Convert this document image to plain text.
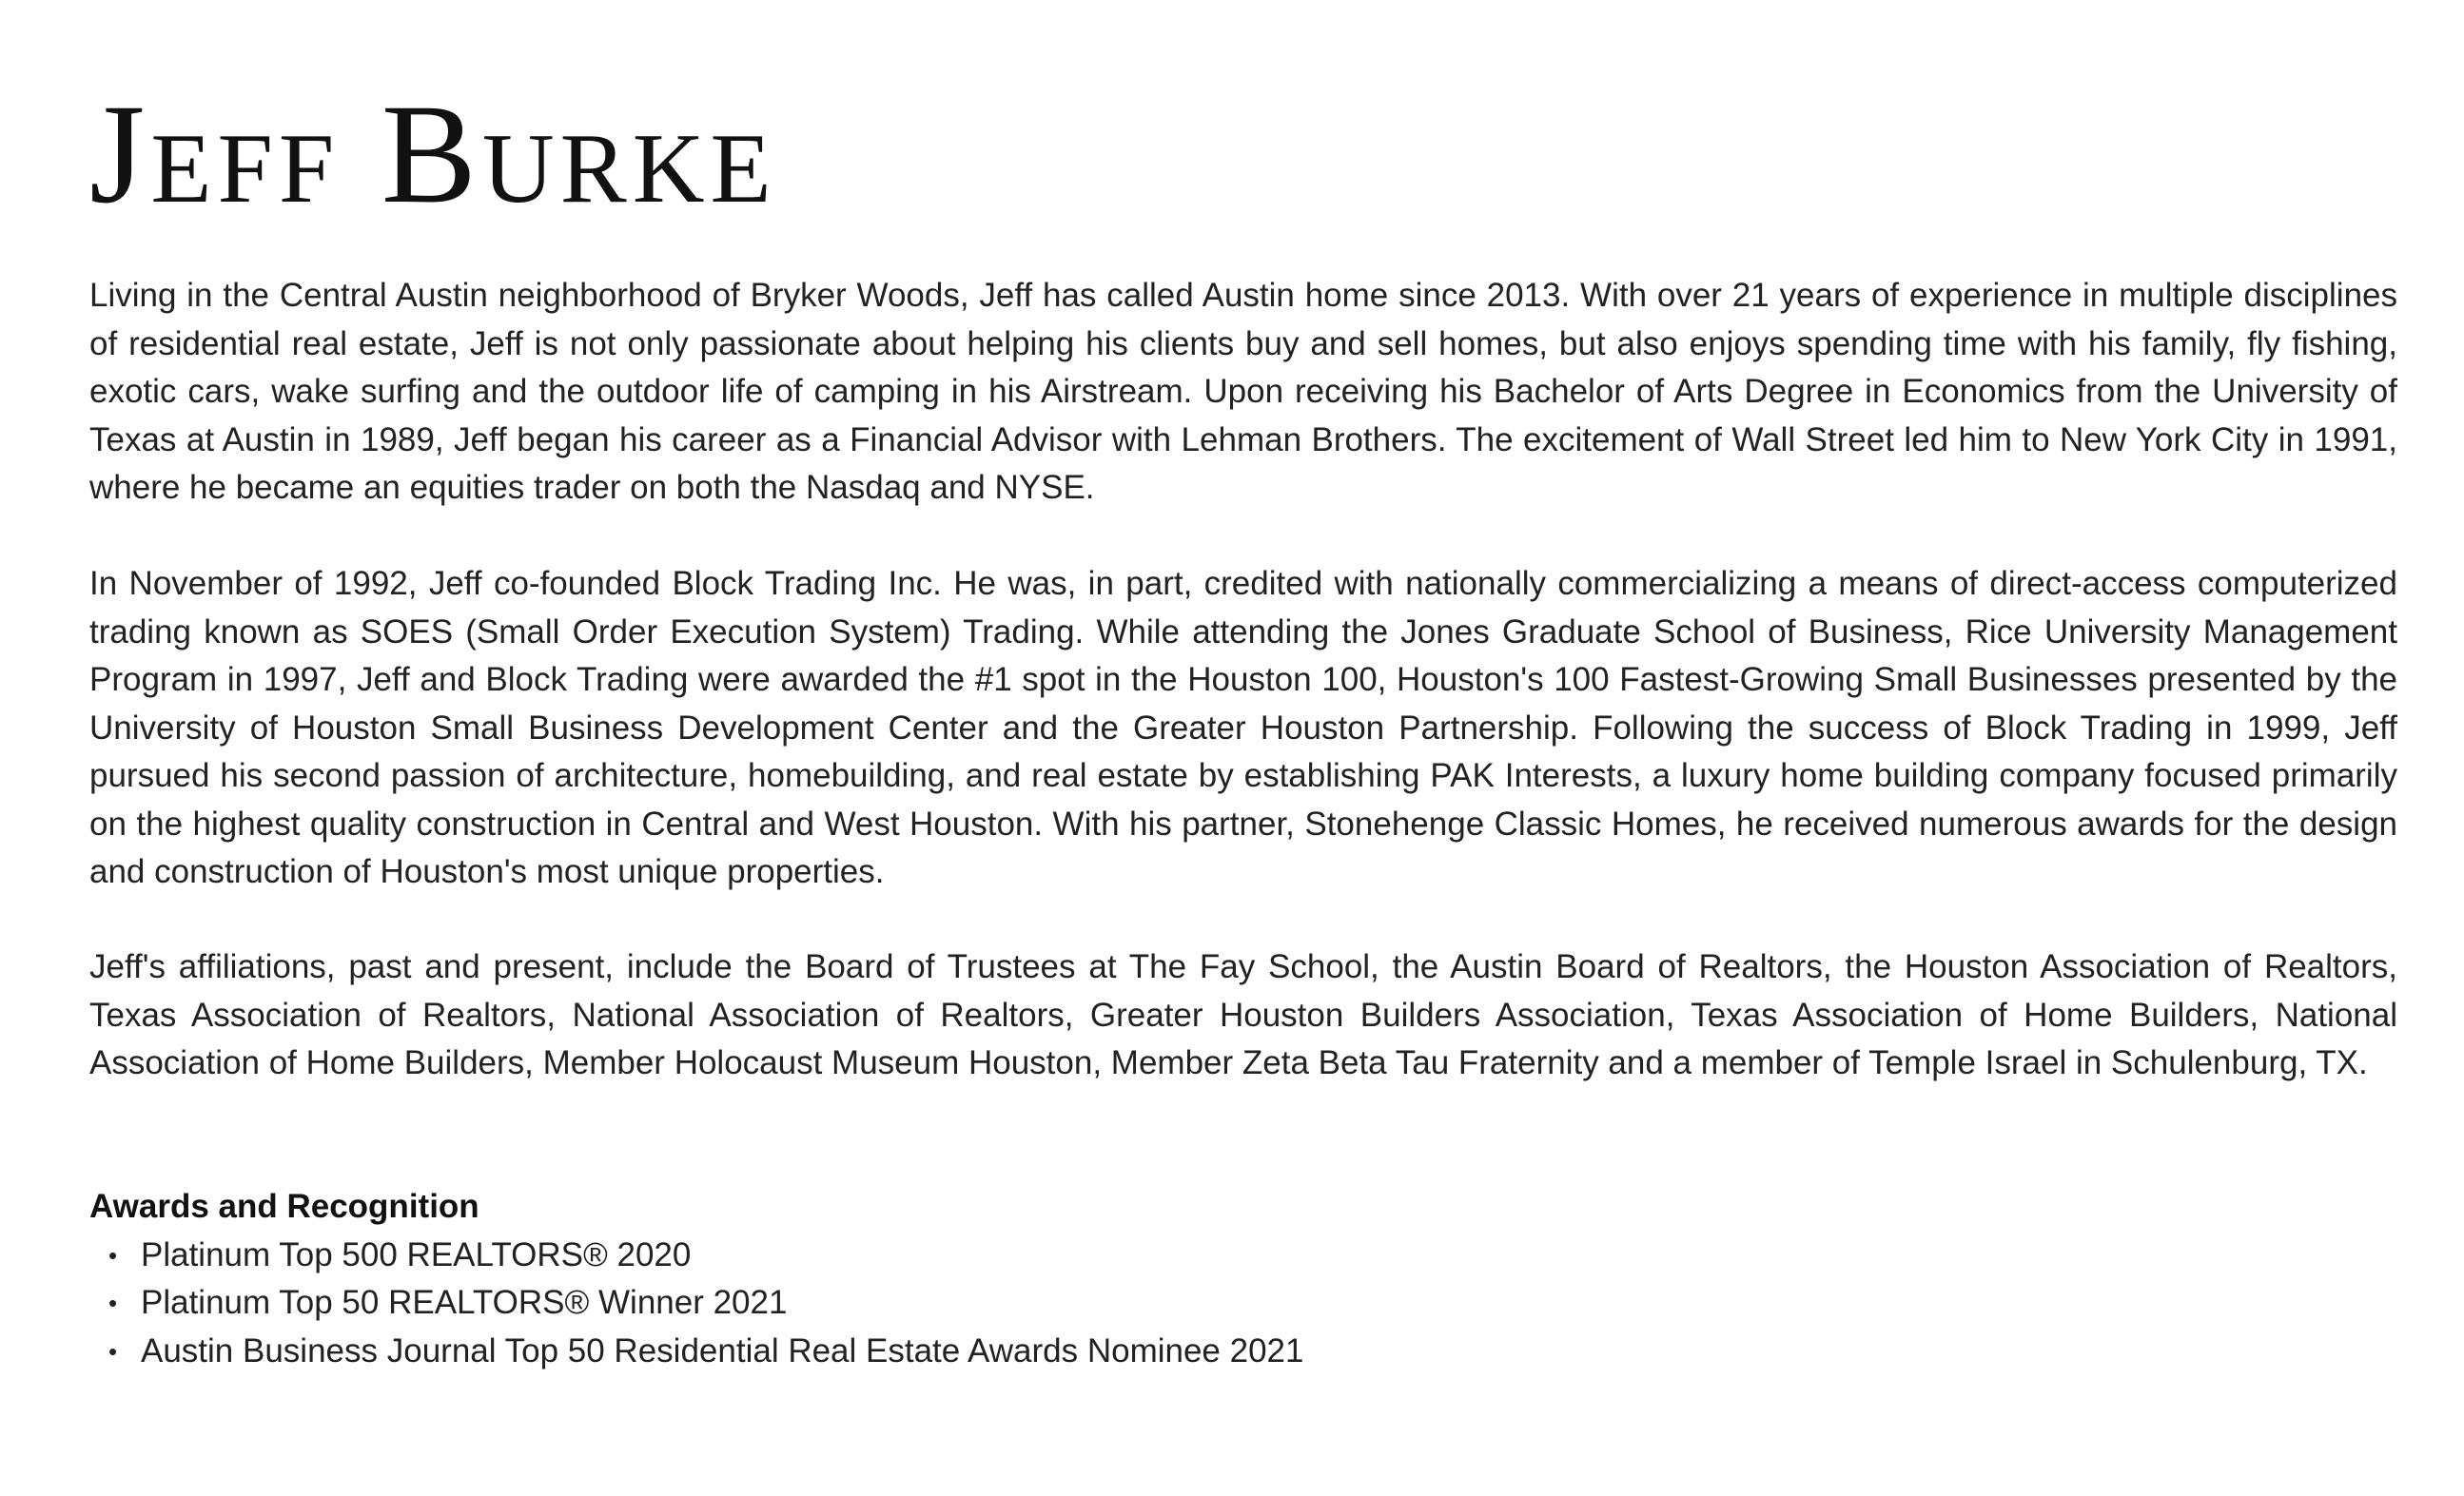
Jeff Burke

Living in the Central Austin neighborhood of Bryker Woods, Jeff has called Austin home since 2013. With over 21 years of experience in multiple disciplines of residential real estate, Jeff is not only passionate about helping his clients buy and sell homes, but also enjoys spending time with his family, fly fishing, exotic cars, wake surfing and the outdoor life of camping in his Airstream. Upon receiving his Bachelor of Arts Degree in Economics from the University of Texas at Austin in 1989, Jeff began his career as a Financial Advisor with Lehman Brothers. The excitement of Wall Street led him to New York City in 1991, where he became an equities trader on both the Nasdaq and NYSE.

In November of 1992, Jeff co-founded Block Trading Inc. He was, in part, credited with nationally commercializing a means of direct-access computerized trading known as SOES (Small Order Execution System) Trading. While attending the Jones Graduate School of Business, Rice University Management Program in 1997, Jeff and Block Trading were awarded the #1 spot in the Houston 100, Houston's 100 Fastest-Growing Small Businesses presented by the University of Houston Small Business Development Center and the Greater Houston Partnership. Following the success of Block Trading in 1999, Jeff pursued his second passion of architecture, homebuilding, and real estate by establishing PAK Interests, a luxury home building company focused primarily on the highest quality construction in Central and West Houston. With his partner, Stonehenge Classic Homes, he received numerous awards for the design and construction of Houston's most unique properties.

Jeff's affiliations, past and present, include the Board of Trustees at The Fay School, the Austin Board of Realtors, the Houston Association of Realtors, Texas Association of Realtors, National Association of Realtors, Greater Houston Builders Association, Texas Association of Home Builders, National Association of Home Builders, Member Holocaust Museum Houston, Member Zeta Beta Tau Fraternity and a member of Temple Israel in Schulenburg, TX.

Awards and Recognition
• Platinum Top 500 REALTORS® 2020
• Platinum Top 50 REALTORS® Winner 2021
• Austin Business Journal Top 50 Residential Real Estate Awards Nominee 2021
